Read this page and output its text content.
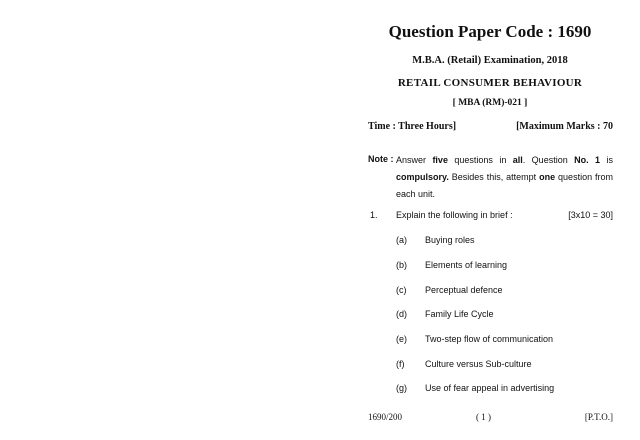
Question Paper Code : 1690
M.B.A. (Retail) Examination, 2018
RETAIL CONSUMER BEHAVIOUR
[ MBA (RM)-021 ]
Time : Three Hours]	[Maximum Marks : 70
Note : Answer five questions in all. Question No. 1 is compulsory. Besides this, attempt one question from each unit.
1. Explain the following in brief :	[3x10 = 30]
(a)	Buying roles
(b)	Elements of learning
(c)	Perceptual defence
(d)	Family Life Cycle
(e)	Two-step flow of communication
(f)	Culture versus Sub-culture
(g)	Use of fear appeal in advertising
1690/200	( 1 )	[P.T.O.]
